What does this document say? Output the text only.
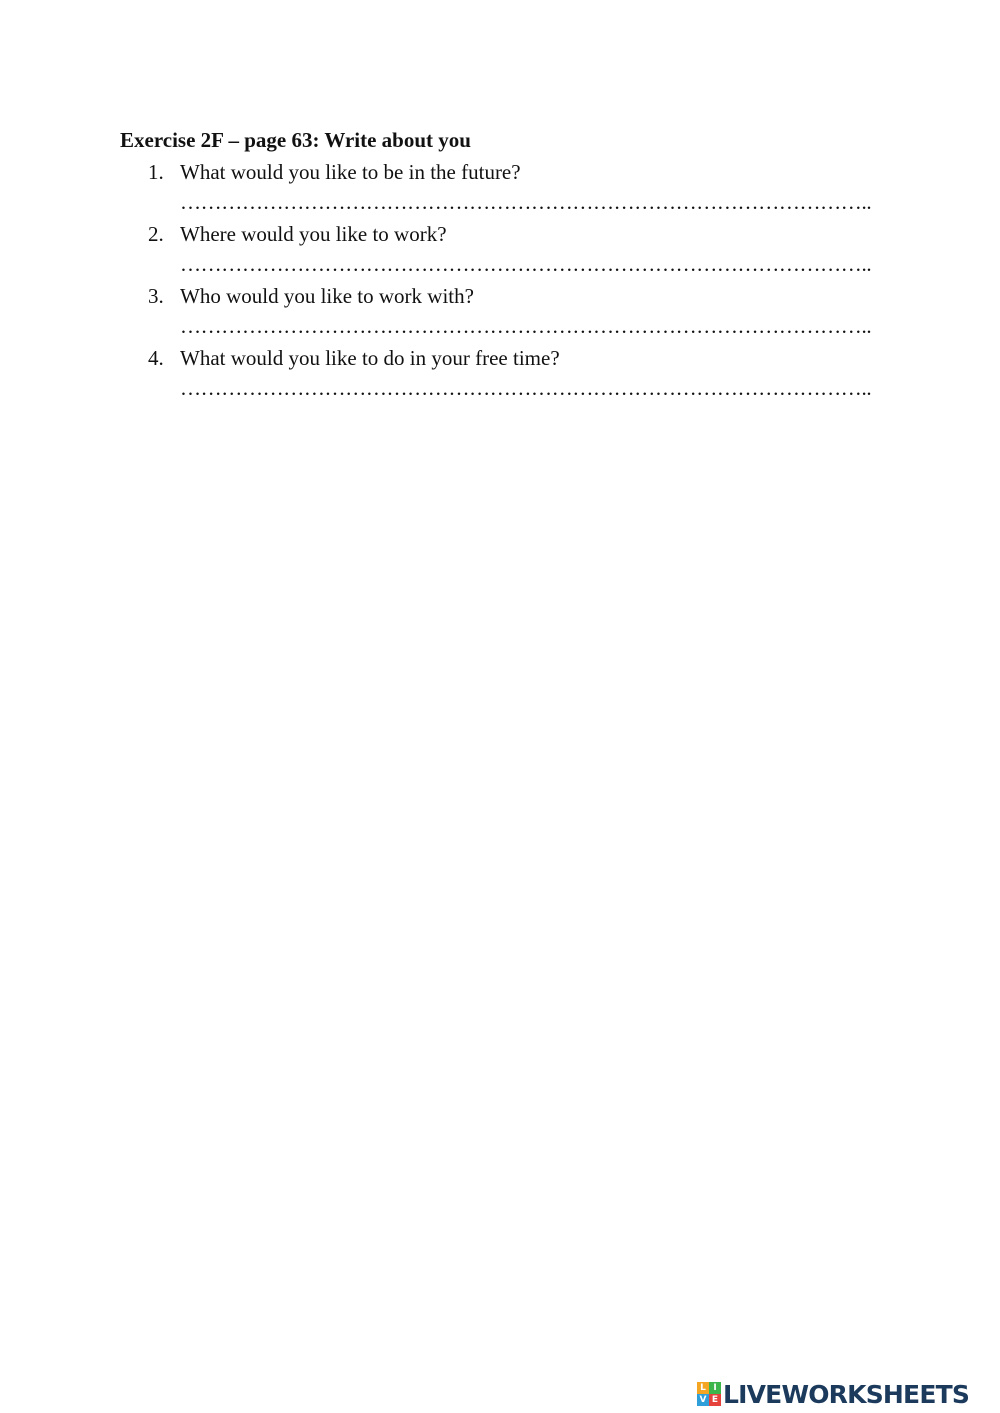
Exercise 2F – page 63: Write about you
1. What would you like to be in the future?
………………………………………………………………………………………..
2. Where would you like to work?
………………………………………………………………………………………..
3. Who would you like to work with?
………………………………………………………………………………………..
4. What would you like to do in your free time?
………………………………………………………………………………………..
L I
V E LIVEWORKSHEETS
